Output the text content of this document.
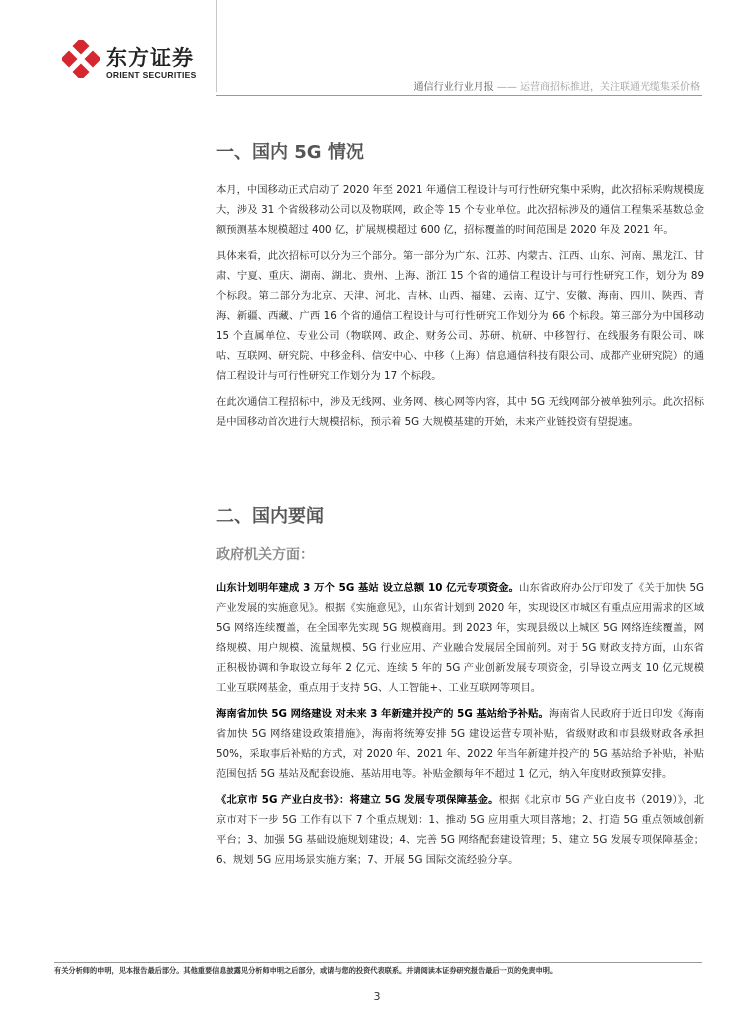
东方证券
ORIENT SECURITIES
通信行业行业月报 —— 运营商招标推进，关注联通光缆集采价格
一、国内 5G 情况

本月，中国移动正式启动了 2020 年至 2021 年通信工程设计与可行性研究集中采购，此次招标采购规模庞大，涉及 31 个省级移动公司以及物联网，政企等 15 个专业单位。此次招标涉及的通信工程集采基数总金额预测基本规模超过 400 亿，扩展规模超过 600 亿，招标覆盖的时间范围是 2020 年及 2021 年。

具体来看，此次招标可以分为三个部分。第一部分为广东、江苏、内蒙古、江西、山东、河南、黑龙江、甘肃、宁夏、重庆、湖南、湖北、贵州、上海、浙江 15 个省的通信工程设计与可行性研究工作，划分为 89 个标段。第二部分为北京、天津、河北、吉林、山西、福建、云南、辽宁、安徽、海南、四川、陕西、青海、新疆、西藏、广西 16 个省的通信工程设计与可行性研究工作划分为 66 个标段。第三部分为中国移动 15 个直属单位、专业公司（物联网、政企、财务公司、苏研、杭研、中移智行、在线服务有限公司、咪咕、互联网、研究院、中移金科、信安中心、中移（上海）信息通信科技有限公司、成都产业研究院）的通信工程设计与可行性研究工作划分为 17 个标段。

在此次通信工程招标中，涉及无线网、业务网、核心网等内容，其中 5G 无线网部分被单独列示。此次招标是中国移动首次进行大规模招标，预示着 5G 大规模基建的开始，未来产业链投资有望提速。

二、国内要闻
政府机关方面：

山东计划明年建成 3 万个 5G 基站 设立总额 10 亿元专项资金。山东省政府办公厅印发了《关于加快 5G 产业发展的实施意见》。根据《实施意见》，山东省计划到 2020 年，实现设区市城区有重点应用需求的区域 5G 网络连续覆盖，在全国率先实现 5G 规模商用。到 2023 年，实现县级以上城区 5G 网络连续覆盖，网络规模、用户规模、流量规模、5G 行业应用、产业融合发展居全国前列。对于 5G 财政支持方面，山东省正积极协调和争取设立每年 2 亿元、连续 5 年的 5G 产业创新发展专项资金，引导设立两支 10 亿元规模工业互联网基金，重点用于支持 5G、人工智能+、工业互联网等项目。

海南省加快 5G 网络建设 对未来 3 年新建并投产的 5G 基站给予补贴。海南省人民政府于近日印发《海南省加快 5G 网络建设政策措施》，海南将统筹安排 5G 建设运营专项补贴，省级财政和市县级财政各承担 50%，采取事后补贴的方式，对 2020 年、2021 年、2022 年当年新建并投产的 5G 基站给予补贴，补贴范围包括 5G 基站及配套设施、基站用电等。补贴金额每年不超过 1 亿元，纳入年度财政预算安排。

《北京市 5G 产业白皮书》：将建立 5G 发展专项保障基金。根据《北京市 5G 产业白皮书（2019）》，北京市对下一步 5G 工作有以下 7 个重点规划：1、推动 5G 应用重大项目落地；2、打造 5G 重点领域创新平台；3、加强 5G 基础设施规划建设；4、完善 5G 网络配套建设管理；5、建立 5G 发展专项保障基金；6、规划 5G 应用场景实施方案；7、开展 5G 国际交流经验分享。

有关分析师的申明，见本报告最后部分。其他重要信息披露见分析师申明之后部分，或请与您的投资代表联系。并请阅读本证券研究报告最后一页的免责申明。
3
